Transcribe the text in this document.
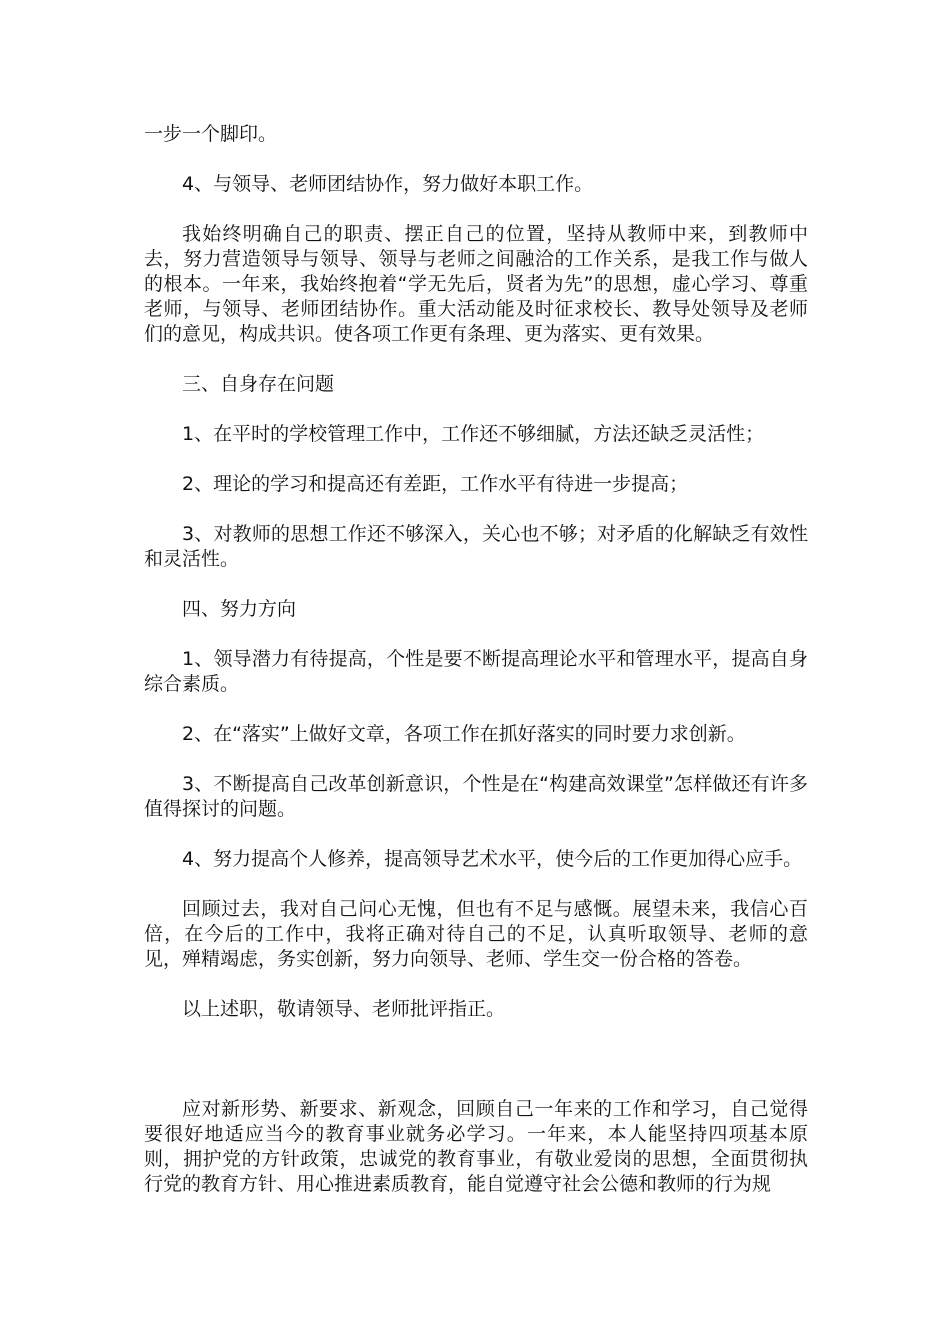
一步一个脚印。

4、与领导、老师团结协作，努力做好本职工作。

我始终明确自己的职责、摆正自己的位置，坚持从教师中来，到教师中去，努力营造领导与领导、领导与老师之间融洽的工作关系，是我工作与做人的根本。一年来，我始终抱着“学无先后，贤者为先”的思想，虚心学习、尊重老师，与领导、老师团结协作。重大活动能及时征求校长、教导处领导及老师们的意见，构成共识。使各项工作更有条理、更为落实、更有效果。

三、自身存在问题

1、在平时的学校管理工作中，工作还不够细腻，方法还缺乏灵活性；

2、理论的学习和提高还有差距，工作水平有待进一步提高；

3、对教师的思想工作还不够深入，关心也不够；对矛盾的化解缺乏有效性和灵活性。

四、努力方向

1、领导潜力有待提高，个性是要不断提高理论水平和管理水平，提高自身综合素质。

2、在“落实”上做好文章，各项工作在抓好落实的同时要力求创新。

3、不断提高自己改革创新意识，个性是在“构建高效课堂”怎样做还有许多值得探讨的问题。

4、努力提高个人修养，提高领导艺术水平，使今后的工作更加得心应手。

回顾过去，我对自己问心无愧，但也有不足与感慨。展望未来，我信心百倍，在今后的工作中，我将正确对待自己的不足，认真听取领导、老师的意见，殚精竭虑，务实创新，努力向领导、老师、学生交一份合格的答卷。

以上述职，敬请领导、老师批评指正。

应对新形势、新要求、新观念，回顾自己一年来的工作和学习，自己觉得要很好地适应当今的教育事业就务必学习。一年来，本人能坚持四项基本原则，拥护党的方针政策，忠诚党的教育事业，有敬业爱岗的思想，全面贯彻执行党的教育方针、用心推进素质教育，能自觉遵守社会公德和教师的行为规
